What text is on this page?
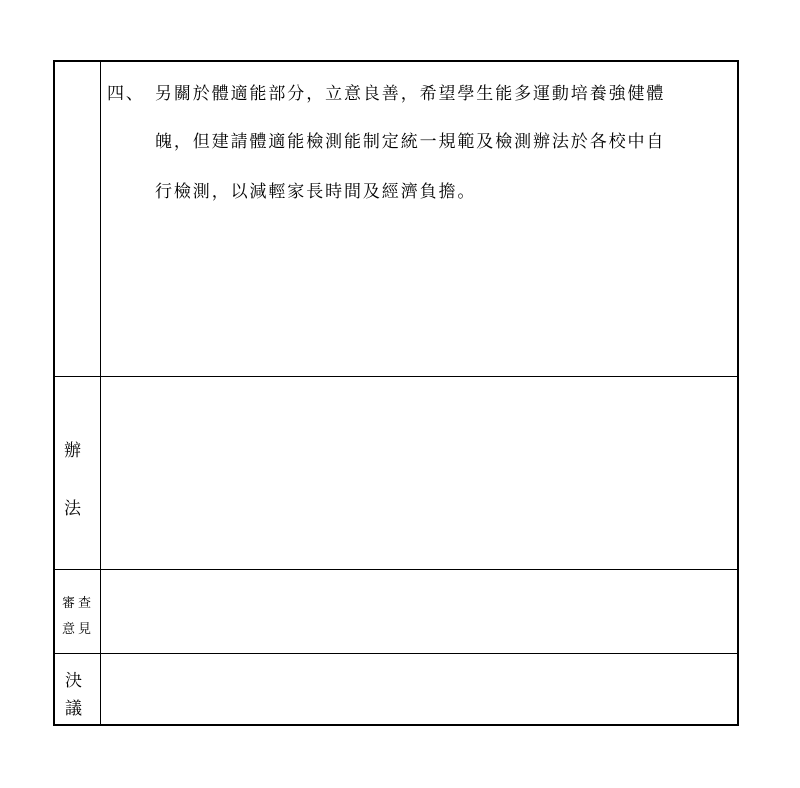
四、 另關於體適能部分，立意良善，希望學生能多運動培養強健體
魄，但建請體適能檢測能制定統一規範及檢測辦法於各校中自
行檢測，以減輕家長時間及經濟負擔。
辦
法
審查
意見
決
議
